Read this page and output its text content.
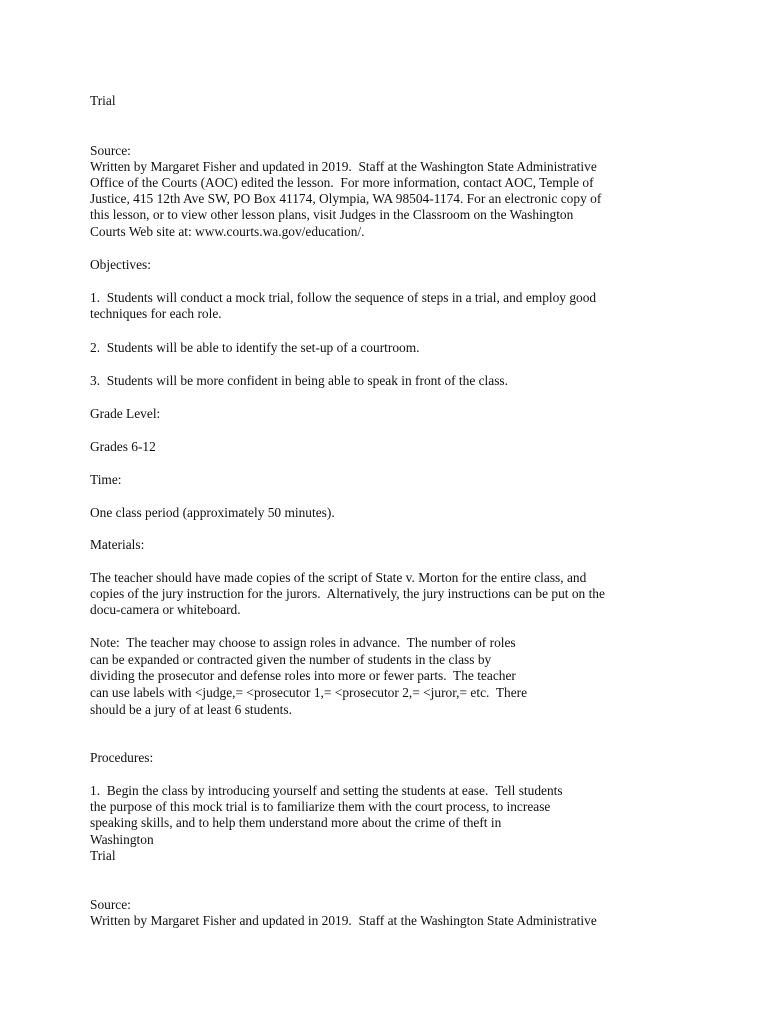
Trial

Source:

Written by Margaret Fisher and updated in 2019.  Staff at the Washington State Administrative

Office of the Courts (AOC) edited the lesson.  For more information, contact AOC, Temple of

Justice, 415 12th Ave SW, PO Box 41174, Olympia, WA 98504-1174. For an electronic copy of

this lesson, or to view other lesson plans, visit Judges in the Classroom on the Washington

Courts Web site at: www.courts.wa.gov/education/.

Objectives:

1.  Students will conduct a mock trial, follow the sequence of steps in a trial, and employ good

techniques for each role.

2.  Students will be able to identify the set-up of a courtroom.

3.  Students will be more confident in being able to speak in front of the class.

Grade Level:

Grades 6-12

Time:

One class period (approximately 50 minutes).

Materials:

The teacher should have made copies of the script of State v. Morton for the entire class, and

copies of the jury instruction for the jurors.  Alternatively, the jury instructions can be put on the

docu-camera or whiteboard.

Note:  The teacher may choose to assign roles in advance.  The number of roles

can be expanded or contracted given the number of students in the class by

dividing the prosecutor and defense roles into more or fewer parts.  The teacher

can use labels with <judge,= <prosecutor 1,= <prosecutor 2,= <juror,= etc.  There

should be a jury of at least 6 students.

Procedures:

1.  Begin the class by introducing yourself and setting the students at ease.  Tell students

the purpose of this mock trial is to familiarize them with the court process, to increase

speaking skills, and to help them understand more about the crime of theft in

Washington

Trial

Source:

Written by Margaret Fisher and updated in 2019.  Staff at the Washington State Administrative
